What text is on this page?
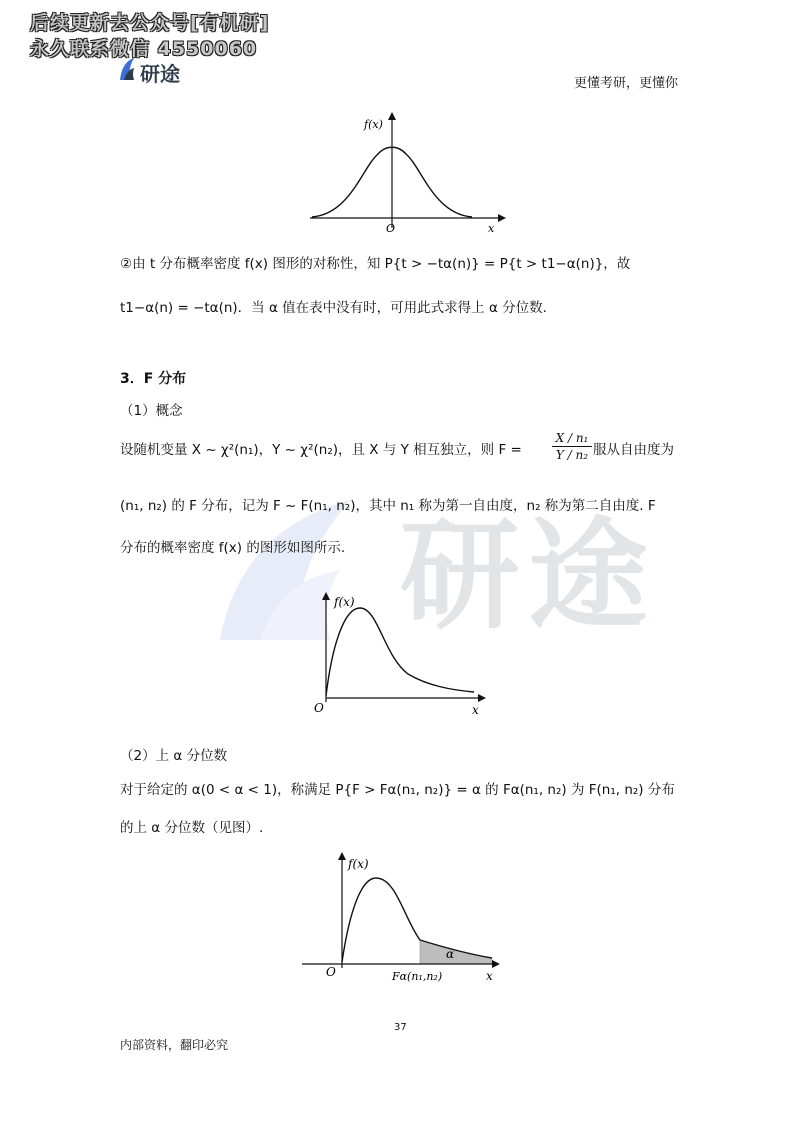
后续更新去公众号[有机研]
永久联系微信 4550060
研途	更懂考研，更懂你
研途
f(x)
O	x
②由 t 分布概率密度 f(x) 图形的对称性，知 P{t > −tα(n)} = P{t > t1−α(n)}，故
t1−α(n) = −tα(n)．当 α 值在表中没有时，可用此式求得上 α 分位数.
3．F 分布
（1）概念
设随机变量 X ~ χ²(n₁)，Y ~ χ²(n₂)，且 X 与 Y 相互独立，则 F =	$\frac{\text{X / n₁}}{\text{Y / n₂}}$ 服从自由度为
(n₁, n₂) 的 F 分布，记为 F ~ F(n₁, n₂)，其中 n₁ 称为第一自由度，n₂ 称为第二自由度. F
分布的概率密度 f(x) 的图形如图所示.
f(x)
O	x
（2）上 α 分位数
对于给定的 α(0 < α < 1)，称满足 P{F > Fα(n₁, n₂)} = α 的 Fα(n₁, n₂) 为 F(n₁, n₂) 分布
的上 α 分位数（见图）.
f(x)
O	x
α
Fα(n₁,n₂)
37
内部资料，翻印必究
